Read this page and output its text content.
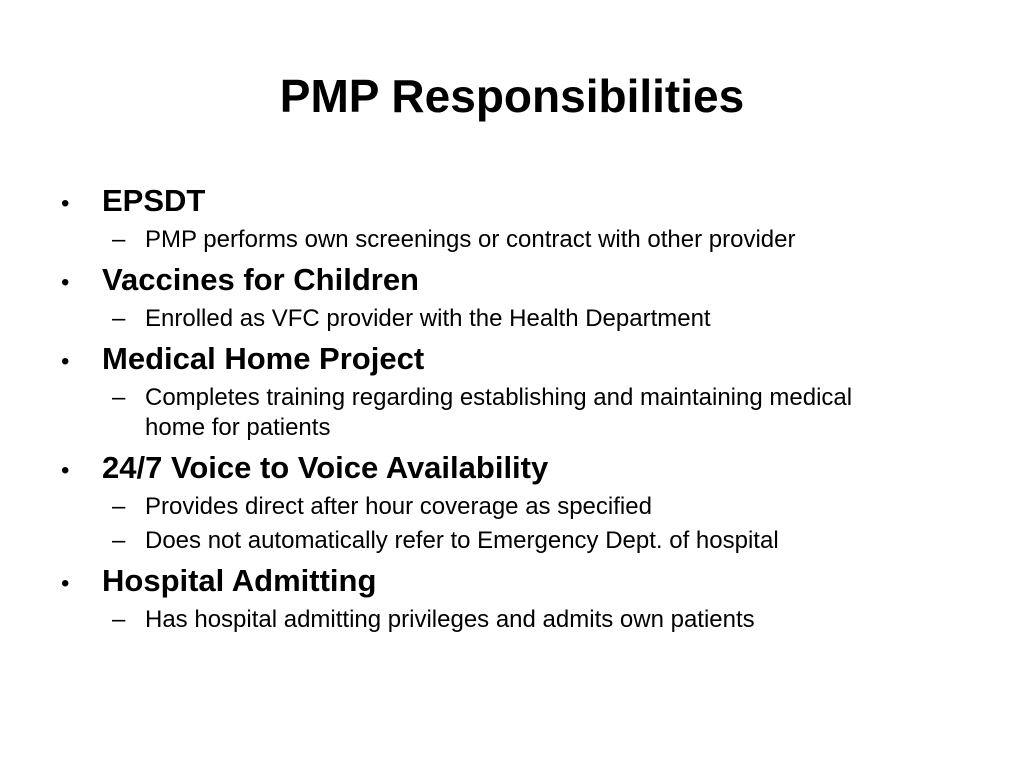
PMP Responsibilities
•	EPSDT
– PMP performs own screenings or contract with other provider
•	Vaccines for Children
– Enrolled as VFC provider with the Health Department
•	Medical Home Project
– Completes training regarding establishing and maintaining medical home for patients
•	24/7 Voice to Voice Availability
– Provides direct after hour coverage as specified
– Does not automatically refer to Emergency Dept. of hospital
•	Hospital Admitting
– Has hospital admitting privileges and admits own patients
